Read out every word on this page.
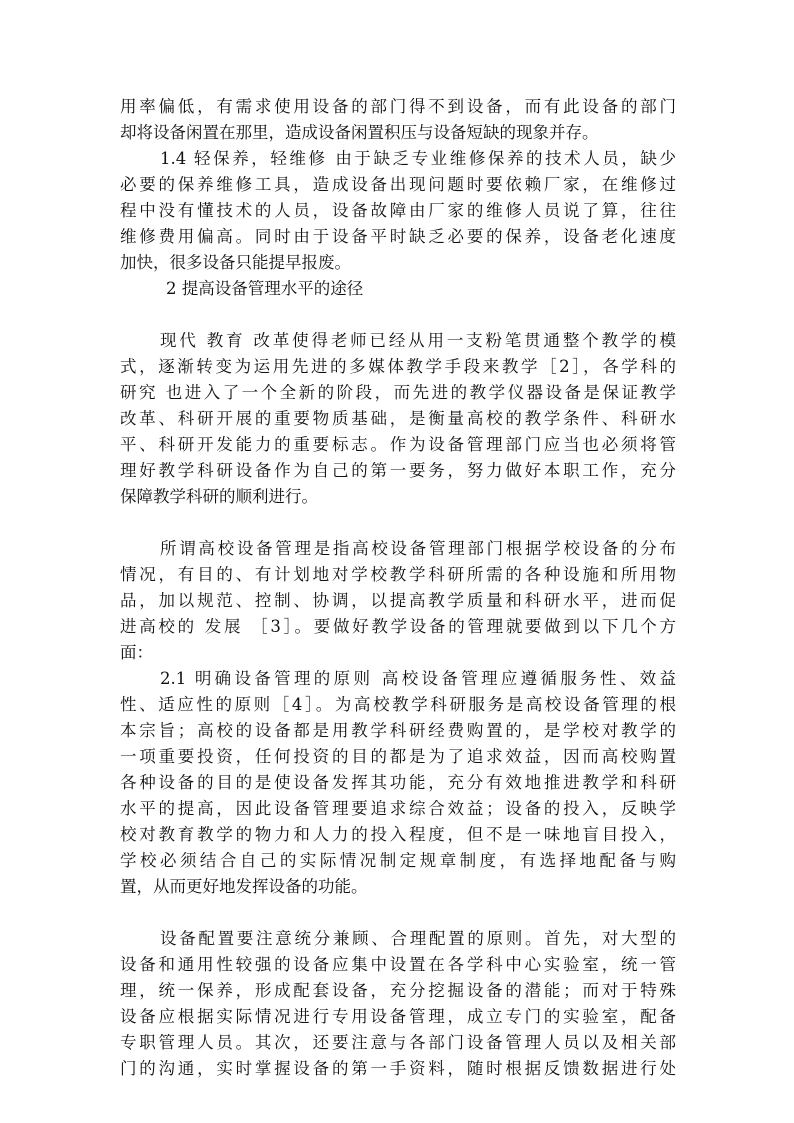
用率偏低，有需求使用设备的部门得不到设备，而有此设备的部门
却将设备闲置在那里，造成设备闲置积压与设备短缺的现象并存。
1.4 轻保养，轻维修 由于缺乏专业维修保养的技术人员，缺少
必要的保养维修工具，造成设备出现问题时要依赖厂家，在维修过
程中没有懂技术的人员，设备故障由厂家的维修人员说了算，往往
维修费用偏高。同时由于设备平时缺乏必要的保养，设备老化速度
加快，很多设备只能提早报废。
2 提高设备管理水平的途径
现代 教育 改革使得老师已经从用一支粉笔贯通整个教学的模
式，逐渐转变为运用先进的多媒体教学手段来教学［2］，各学科的
研究 也进入了一个全新的阶段，而先进的教学仪器设备是保证教学
改革、科研开展的重要物质基础，是衡量高校的教学条件、科研水
平、科研开发能力的重要标志。作为设备管理部门应当也必须将管
理好教学科研设备作为自己的第一要务，努力做好本职工作，充分
保障教学科研的顺利进行。
所谓高校设备管理是指高校设备管理部门根据学校设备的分布
情况，有目的、有计划地对学校教学科研所需的各种设施和所用物
品，加以规范、控制、协调，以提高教学质量和科研水平，进而促
进高校的 发展 ［3］。要做好教学设备的管理就要做到以下几个方
面：
2.1 明确设备管理的原则 高校设备管理应遵循服务性、效益
性、适应性的原则［4］。为高校教学科研服务是高校设备管理的根
本宗旨；高校的设备都是用教学科研经费购置的，是学校对教学的
一项重要投资，任何投资的目的都是为了追求效益，因而高校购置
各种设备的目的是使设备发挥其功能，充分有效地推进教学和科研
水平的提高，因此设备管理要追求综合效益；设备的投入，反映学
校对教育教学的物力和人力的投入程度，但不是一味地盲目投入，
学校必须结合自己的实际情况制定规章制度，有选择地配备与购
置，从而更好地发挥设备的功能。
设备配置要注意统分兼顾、合理配置的原则。首先，对大型的
设备和通用性较强的设备应集中设置在各学科中心实验室，统一管
理，统一保养，形成配套设备，充分挖掘设备的潜能；而对于特殊
设备应根据实际情况进行专用设备管理，成立专门的实验室，配备
专职管理人员。其次，还要注意与各部门设备管理人员以及相关部
门的沟通，实时掌握设备的第一手资料，随时根据反馈数据进行处
